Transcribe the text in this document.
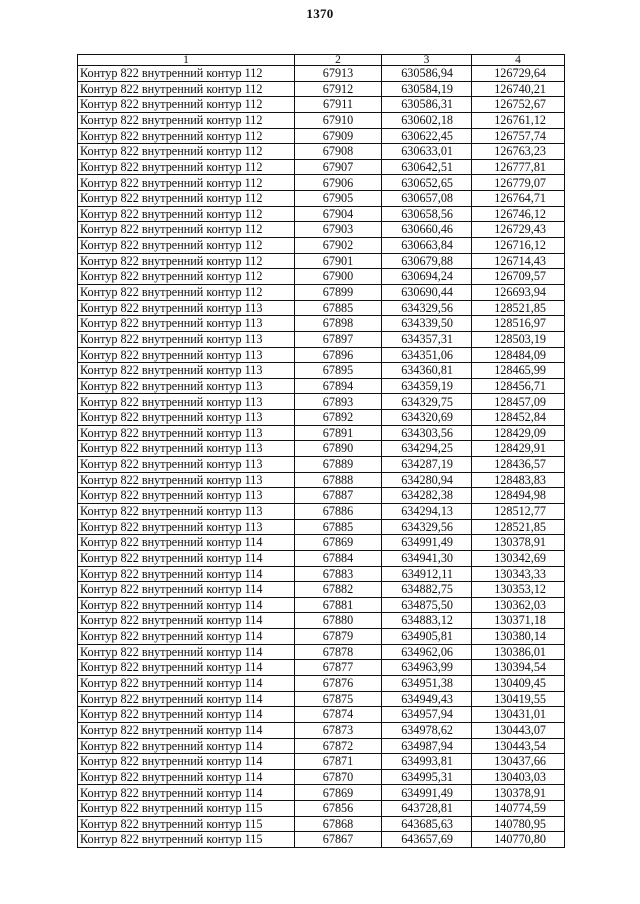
1370
1	2	3	4
Контур 822 внутренний контур 112	67913	630586,94	126729,64
Контур 822 внутренний контур 112	67912	630584,19	126740,21
Контур 822 внутренний контур 112	67911	630586,31	126752,67
Контур 822 внутренний контур 112	67910	630602,18	126761,12
Контур 822 внутренний контур 112	67909	630622,45	126757,74
Контур 822 внутренний контур 112	67908	630633,01	126763,23
Контур 822 внутренний контур 112	67907	630642,51	126777,81
Контур 822 внутренний контур 112	67906	630652,65	126779,07
Контур 822 внутренний контур 112	67905	630657,08	126764,71
Контур 822 внутренний контур 112	67904	630658,56	126746,12
Контур 822 внутренний контур 112	67903	630660,46	126729,43
Контур 822 внутренний контур 112	67902	630663,84	126716,12
Контур 822 внутренний контур 112	67901	630679,88	126714,43
Контур 822 внутренний контур 112	67900	630694,24	126709,57
Контур 822 внутренний контур 112	67899	630690,44	126693,94
Контур 822 внутренний контур 113	67885	634329,56	128521,85
Контур 822 внутренний контур 113	67898	634339,50	128516,97
Контур 822 внутренний контур 113	67897	634357,31	128503,19
Контур 822 внутренний контур 113	67896	634351,06	128484,09
Контур 822 внутренний контур 113	67895	634360,81	128465,99
Контур 822 внутренний контур 113	67894	634359,19	128456,71
Контур 822 внутренний контур 113	67893	634329,75	128457,09
Контур 822 внутренний контур 113	67892	634320,69	128452,84
Контур 822 внутренний контур 113	67891	634303,56	128429,09
Контур 822 внутренний контур 113	67890	634294,25	128429,91
Контур 822 внутренний контур 113	67889	634287,19	128436,57
Контур 822 внутренний контур 113	67888	634280,94	128483,83
Контур 822 внутренний контур 113	67887	634282,38	128494,98
Контур 822 внутренний контур 113	67886	634294,13	128512,77
Контур 822 внутренний контур 113	67885	634329,56	128521,85
Контур 822 внутренний контур 114	67869	634991,49	130378,91
Контур 822 внутренний контур 114	67884	634941,30	130342,69
Контур 822 внутренний контур 114	67883	634912,11	130343,33
Контур 822 внутренний контур 114	67882	634882,75	130353,12
Контур 822 внутренний контур 114	67881	634875,50	130362,03
Контур 822 внутренний контур 114	67880	634883,12	130371,18
Контур 822 внутренний контур 114	67879	634905,81	130380,14
Контур 822 внутренний контур 114	67878	634962,06	130386,01
Контур 822 внутренний контур 114	67877	634963,99	130394,54
Контур 822 внутренний контур 114	67876	634951,38	130409,45
Контур 822 внутренний контур 114	67875	634949,43	130419,55
Контур 822 внутренний контур 114	67874	634957,94	130431,01
Контур 822 внутренний контур 114	67873	634978,62	130443,07
Контур 822 внутренний контур 114	67872	634987,94	130443,54
Контур 822 внутренний контур 114	67871	634993,81	130437,66
Контур 822 внутренний контур 114	67870	634995,31	130403,03
Контур 822 внутренний контур 114	67869	634991,49	130378,91
Контур 822 внутренний контур 115	67856	643728,81	140774,59
Контур 822 внутренний контур 115	67868	643685,63	140780,95
Контур 822 внутренний контур 115	67867	643657,69	140770,80
